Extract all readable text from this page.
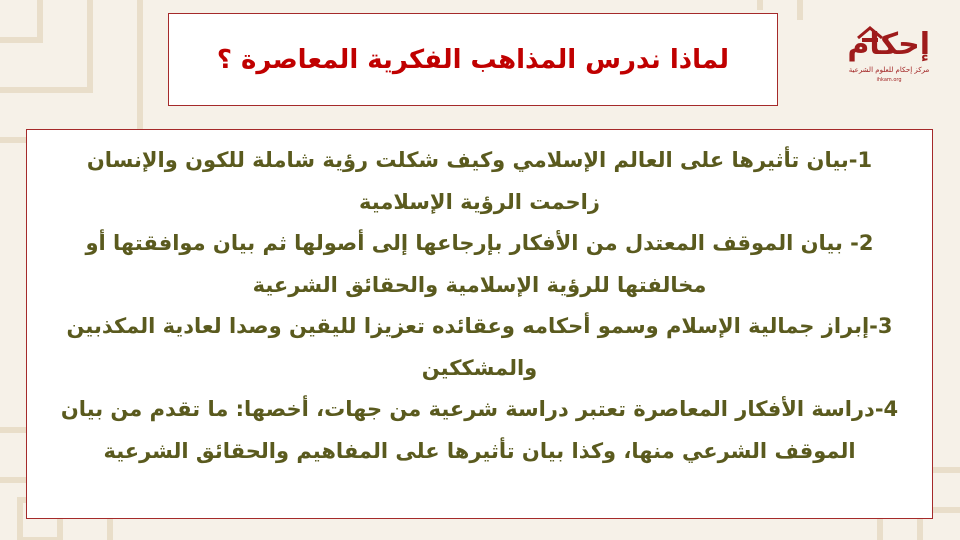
لماذا ندرس المذاهب الفكرية المعاصرة ؟

1-بيان تأثيرها على العالم الإسلامي وكيف شكلت رؤية شاملة للكون والإنسان زاحمت الرؤية الإسلامية

2- بيان الموقف المعتدل من الأفكار بإرجاعها إلى أصولها ثم بيان موافقتها أو مخالفتها للرؤية الإسلامية والحقائق الشرعية

3-إبراز جمالية الإسلام وسمو أحكامه وعقائده تعزيزا لليقين وصدا لعادية المكذبين والمشككين

4-دراسة الأفكار المعاصرة تعتبر دراسة شرعية من جهات، أخصها: ما تقدم من بيان الموقف الشرعي منها، وكذا بيان تأثيرها على المفاهيم والحقائق الشرعية

إحكام
مركز إحكام للعلوم الشرعية
ihkam.org
